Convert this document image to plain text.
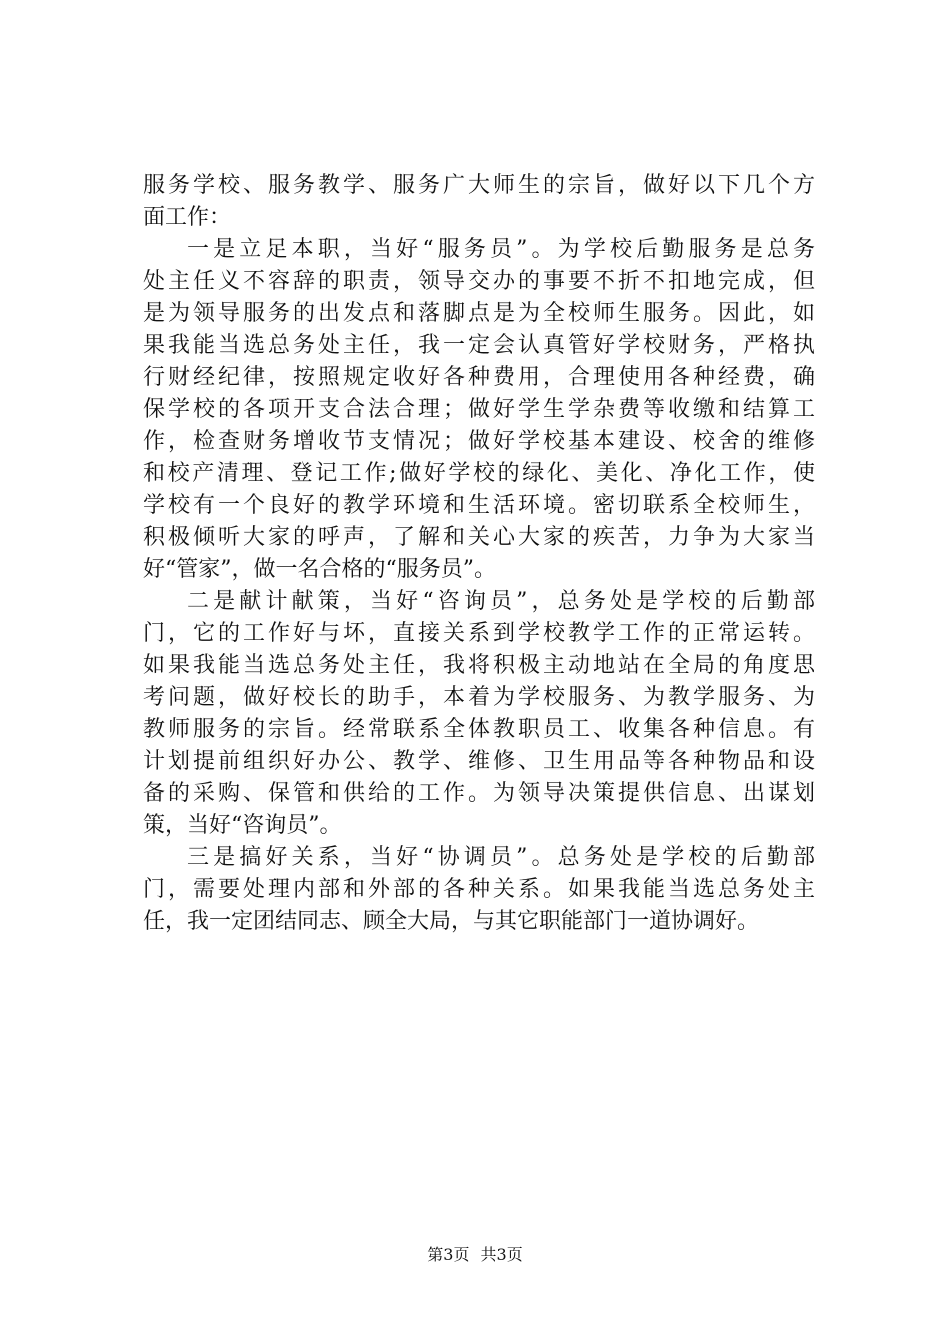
服务学校、服务教学、服务广大师生的宗旨，做好以下几个方
面工作：
一是立足本职，当好“服务员”。为学校后勤服务是总务
处主任义不容辞的职责，领导交办的事要不折不扣地完成，但
是为领导服务的出发点和落脚点是为全校师生服务。因此，如
果我能当选总务处主任，我一定会认真管好学校财务，严格执
行财经纪律，按照规定收好各种费用，合理使用各种经费，确
保学校的各项开支合法合理；做好学生学杂费等收缴和结算工
作，检查财务增收节支情况；做好学校基本建设、校舍的维修
和校产清理、登记工作;做好学校的绿化、美化、净化工作，使
学校有一个良好的教学环境和生活环境。密切联系全校师生，
积极倾听大家的呼声，了解和关心大家的疾苦，力争为大家当
好“管家”，做一名合格的“服务员”。
二是献计献策，当好“咨询员”，总务处是学校的后勤部
门，它的工作好与坏，直接关系到学校教学工作的正常运转。
如果我能当选总务处主任，我将积极主动地站在全局的角度思
考问题，做好校长的助手，本着为学校服务、为教学服务、为
教师服务的宗旨。经常联系全体教职员工、收集各种信息。有
计划提前组织好办公、教学、维修、卫生用品等各种物品和设
备的采购、保管和供给的工作。为领导决策提供信息、出谋划
策，当好“咨询员”。
三是搞好关系，当好“协调员”。总务处是学校的后勤部
门，需要处理内部和外部的各种关系。如果我能当选总务处主
任，我一定团结同志、顾全大局，与其它职能部门一道协调好。
第3页 共3页
